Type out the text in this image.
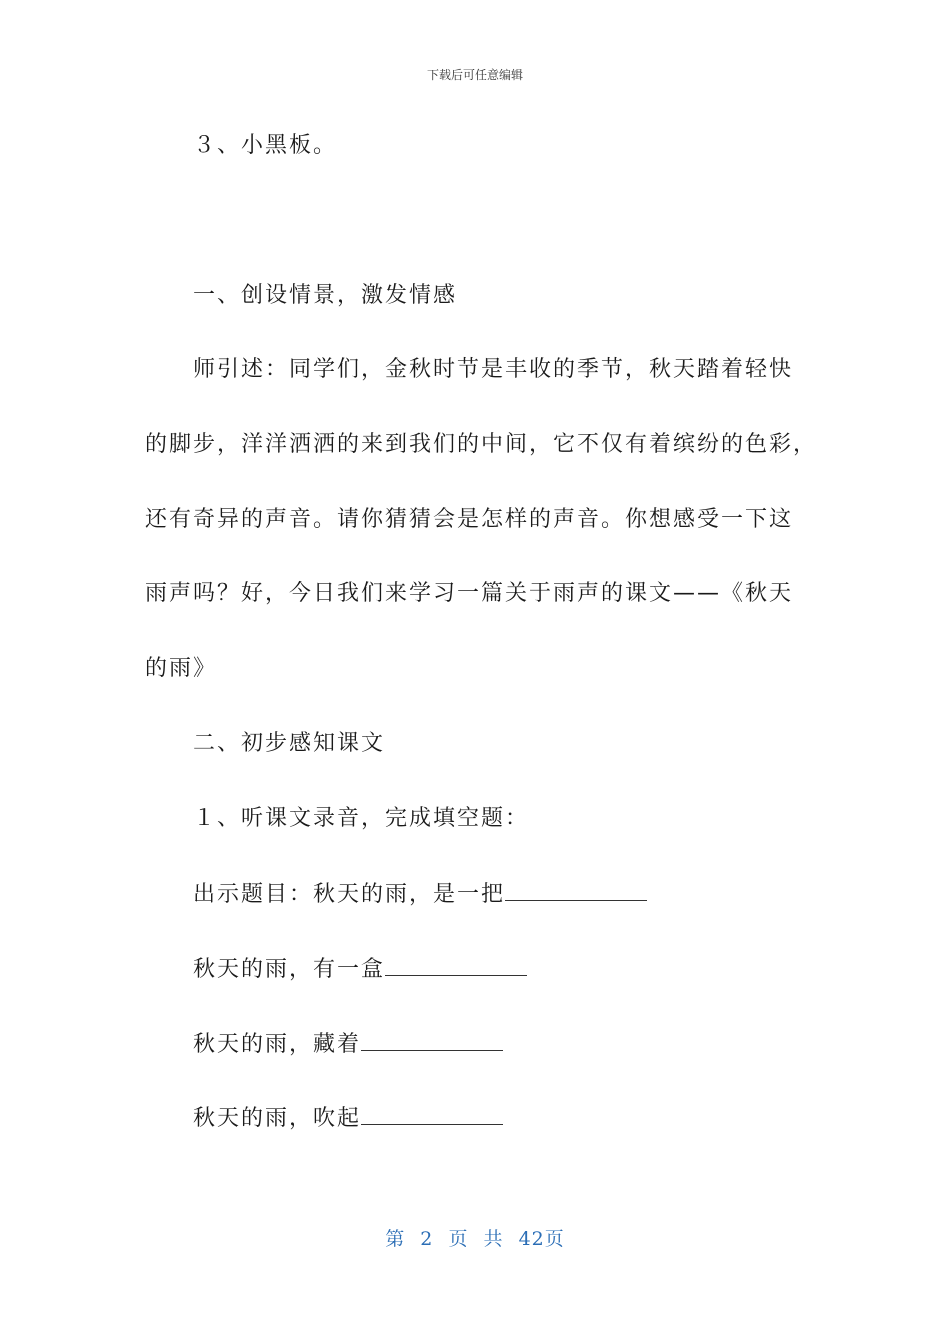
下载后可任意编辑
３、小黑板。
一、创设情景，激发情感
师引述：同学们，金秋时节是丰收的季节，秋天踏着轻快
的脚步，洋洋洒洒的来到我们的中间，它不仅有着缤纷的色彩，
还有奇异的声音。请你猜猜会是怎样的声音。你想感受一下这
雨声吗？好，今日我们来学习一篇关于雨声的课文——《秋天
的雨》
二、初步感知课文
１、听课文录音，完成填空题：
出示题目：秋天的雨，是一把
秋天的雨，有一盒
秋天的雨，藏着
秋天的雨，吹起
第 2 页 共 42页
